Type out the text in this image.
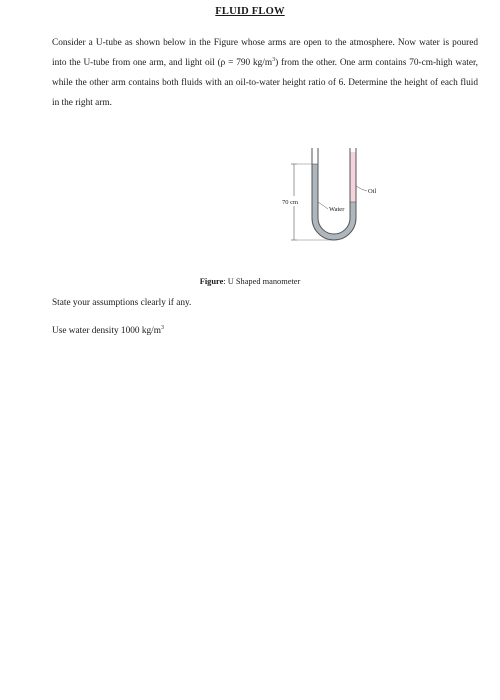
FLUID FLOW
Consider a U-tube as shown below in the Figure whose arms are open to the atmosphere. Now water is poured into the U-tube from one arm, and light oil (ρ = 790 $kg/m^3$) from the other. One arm contains 70-cm-high water, while the other arm contains both fluids with an oil-to-water height ratio of 6. Determine the height of each fluid in the right arm.
70 cm
Water
Oil
Figure: U Shaped manometer
State your assumptions clearly if any.
Use water density 1000 $kg/m^3$
